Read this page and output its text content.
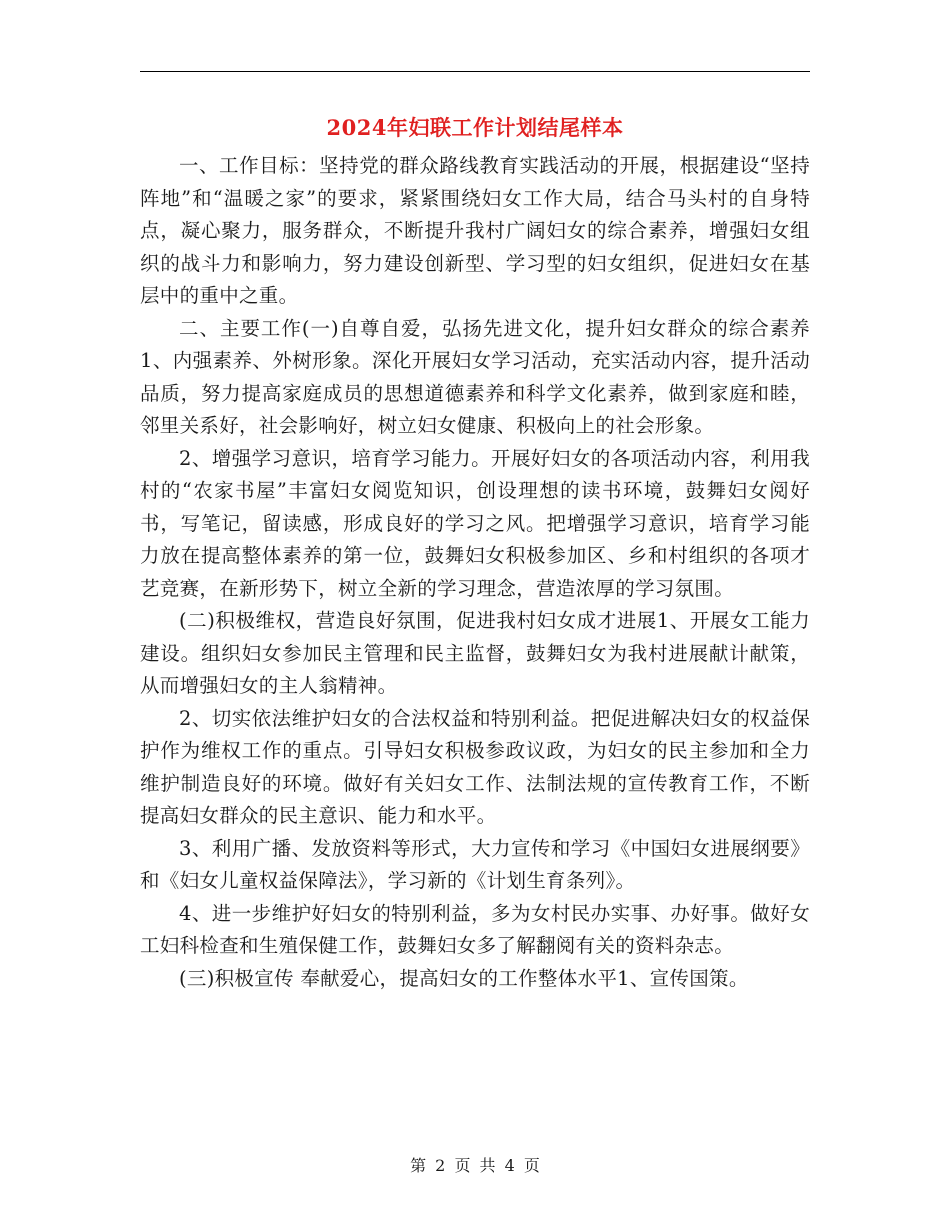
2024年妇联工作计划结尾样本

一、工作目标：坚持党的群众路线教育实践活动的开展，根据建设“坚持阵地”和“温暖之家”的要求，紧紧围绕妇女工作大局，结合马头村的自身特点，凝心聚力，服务群众，不断提升我村广阔妇女的综合素养，增强妇女组织的战斗力和影响力，努力建设创新型、学习型的妇女组织，促进妇女在基层中的重中之重。

二、主要工作(一)自尊自爱，弘扬先进文化，提升妇女群众的综合素养1、内强素养、外树形象。深化开展妇女学习活动，充实活动内容，提升活动品质，努力提高家庭成员的思想道德素养和科学文化素养，做到家庭和睦，邻里关系好，社会影响好，树立妇女健康、积极向上的社会形象。

2、增强学习意识，培育学习能力。开展好妇女的各项活动内容，利用我村的“农家书屋”丰富妇女阅览知识，创设理想的读书环境，鼓舞妇女阅好书，写笔记，留读感，形成良好的学习之风。把增强学习意识，培育学习能力放在提高整体素养的第一位，鼓舞妇女积极参加区、乡和村组织的各项才艺竞赛，在新形势下，树立全新的学习理念，营造浓厚的学习氛围。

(二)积极维权，营造良好氛围，促进我村妇女成才进展1、开展女工能力建设。组织妇女参加民主管理和民主监督，鼓舞妇女为我村进展献计献策，从而增强妇女的主人翁精神。

2、切实依法维护妇女的合法权益和特别利益。把促进解决妇女的权益保护作为维权工作的重点。引导妇女积极参政议政，为妇女的民主参加和全力维护制造良好的环境。做好有关妇女工作、法制法规的宣传教育工作，不断提高妇女群众的民主意识、能力和水平。

3、利用广播、发放资料等形式，大力宣传和学习《中国妇女进展纲要》和《妇女儿童权益保障法》，学习新的《计划生育条列》。

4、进一步维护好妇女的特别利益，多为女村民办实事、办好事。做好女工妇科检查和生殖保健工作，鼓舞妇女多了解翻阅有关的资料杂志。

(三)积极宣传 奉献爱心，提高妇女的工作整体水平1、宣传国策。

第 2 页 共 4 页
